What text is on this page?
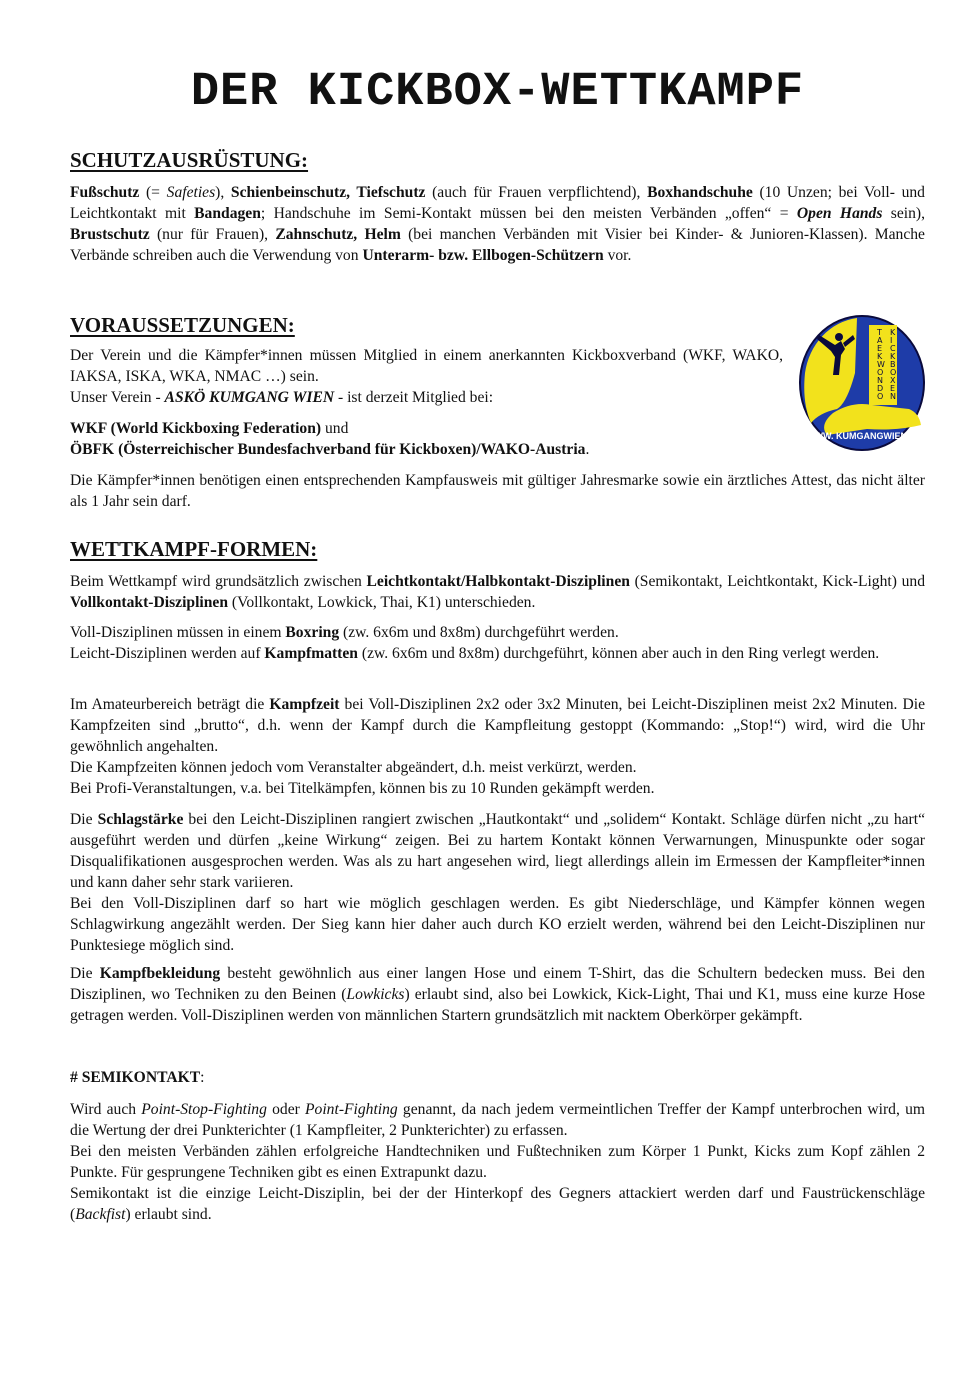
DER KICKBOX-WETTKAMPF
SCHUTZAUSRÜSTUNG:
Fußschutz (= Safeties), Schienbeinschutz, Tiefschutz (auch für Frauen verpflichtend), Boxhandschuhe (10 Unzen; bei Voll- und Leichtkontakt mit Bandagen; Handschuhe im Semi-Kontakt müssen bei den meisten Verbänden „offen“ = Open Hands sein), Brustschutz (nur für Frauen), Zahnschutz, Helm (bei manchen Verbänden mit Visier bei Kinder- & Junioren-Klassen). Manche Verbände schreiben auch die Verwendung von Unterarm- bzw. Ellbogen-Schützern vor.
VORAUSSETZUNGEN:
Der Verein und die Kämpfer*innen müssen Mitglied in einem anerkannten Kickboxverband (WKF, WAKO, IAKSA, ISKA, WKA, NMAC …) sein.
Unser Verein - ASKÖ KUMGANG WIEN - ist derzeit Mitglied bei:
WKF (World Kickboxing Federation) und
ÖBFK (Österreichischer Bundesfachverband für Kickboxen)/WAKO-Austria.
Die Kämpfer*innen benötigen einen entsprechenden Kampfausweis mit gültiger Jahresmarke sowie ein ärztliches Attest, das nicht älter als 1 Jahr sein darf.
WETTKAMPF-FORMEN:
Beim Wettkampf wird grundsätzlich zwischen Leichtkontakt/Halbkontakt-Disziplinen (Semikontakt, Leichtkontakt, Kick-Light) und Vollkontakt-Disziplinen (Vollkontakt, Lowkick, Thai, K1) unterschieden.
Voll-Disziplinen müssen in einem Boxring (zw. 6x6m und 8x8m) durchgeführt werden.
Leicht-Disziplinen werden auf Kampfmatten (zw. 6x6m und 8x8m) durchgeführt, können aber auch in den Ring verlegt werden.
Im Amateurbereich beträgt die Kampfzeit bei Voll-Disziplinen 2x2 oder 3x2 Minuten, bei Leicht-Disziplinen meist 2x2 Minuten. Die Kampfzeiten sind „brutto“, d.h. wenn der Kampf durch die Kampfleitung gestoppt (Kommando: „Stop!“) wird, wird die Uhr gewöhnlich angehalten.
Die Kampfzeiten können jedoch vom Veranstalter abgeändert, d.h. meist verkürzt, werden.
Bei Profi-Veranstaltungen, v.a. bei Titelkämpfen, können bis zu 10 Runden gekämpft werden.
Die Schlagstärke bei den Leicht-Disziplinen rangiert zwischen „Hautkontakt“ und „solidem“ Kontakt. Schläge dürfen nicht „zu hart“ ausgeführt werden und dürfen „keine Wirkung“ zeigen. Bei zu hartem Kontakt können Verwarnungen, Minuspunkte oder sogar Disqualifikationen ausgesprochen werden. Was als zu hart angesehen wird, liegt allerdings allein im Ermessen der Kampfleiter*innen und kann daher sehr stark variieren.
Bei den Voll-Disziplinen darf so hart wie möglich geschlagen werden. Es gibt Niederschläge, und Kämpfer können wegen Schlagwirkung angezählt werden. Der Sieg kann hier daher auch durch KO erzielt werden, während bei den Leicht-Disziplinen nur Punktesiege möglich sind.
Die Kampfbekleidung besteht gewöhnlich aus einer langen Hose und einem T-Shirt, das die Schultern bedecken muss. Bei den Disziplinen, wo Techniken zu den Beinen (Lowkicks) erlaubt sind, also bei Lowkick, Kick-Light, Thai und K1, muss eine kurze Hose getragen werden. Voll-Disziplinen werden von männlichen Startern grundsätzlich mit nacktem Oberkörper gekämpft.
# SEMIKONTAKT:
Wird auch Point-Stop-Fighting oder Point-Fighting genannt, da nach jedem vermeintlichen Treffer der Kampf unterbrochen wird, um die Wertung der drei Punkterichter (1 Kampfleiter, 2 Punkterichter) zu erfassen.
Bei den meisten Verbänden zählen erfolgreiche Handtechniken und Fußtechniken zum Körper 1 Punkt, Kicks zum Kopf zählen 2 Punkte. Für gesprungene Techniken gibt es einen Extrapunkt dazu.
Semikontakt ist die einzige Leicht-Disziplin, bei der der Hinterkopf des Gegners attackiert werden darf und Faustrückenschläge (Backfist) erlaubt sind.
T A E K W O N D O
K I C K B O X E N
WWW. KUMGANGWIEN .at
